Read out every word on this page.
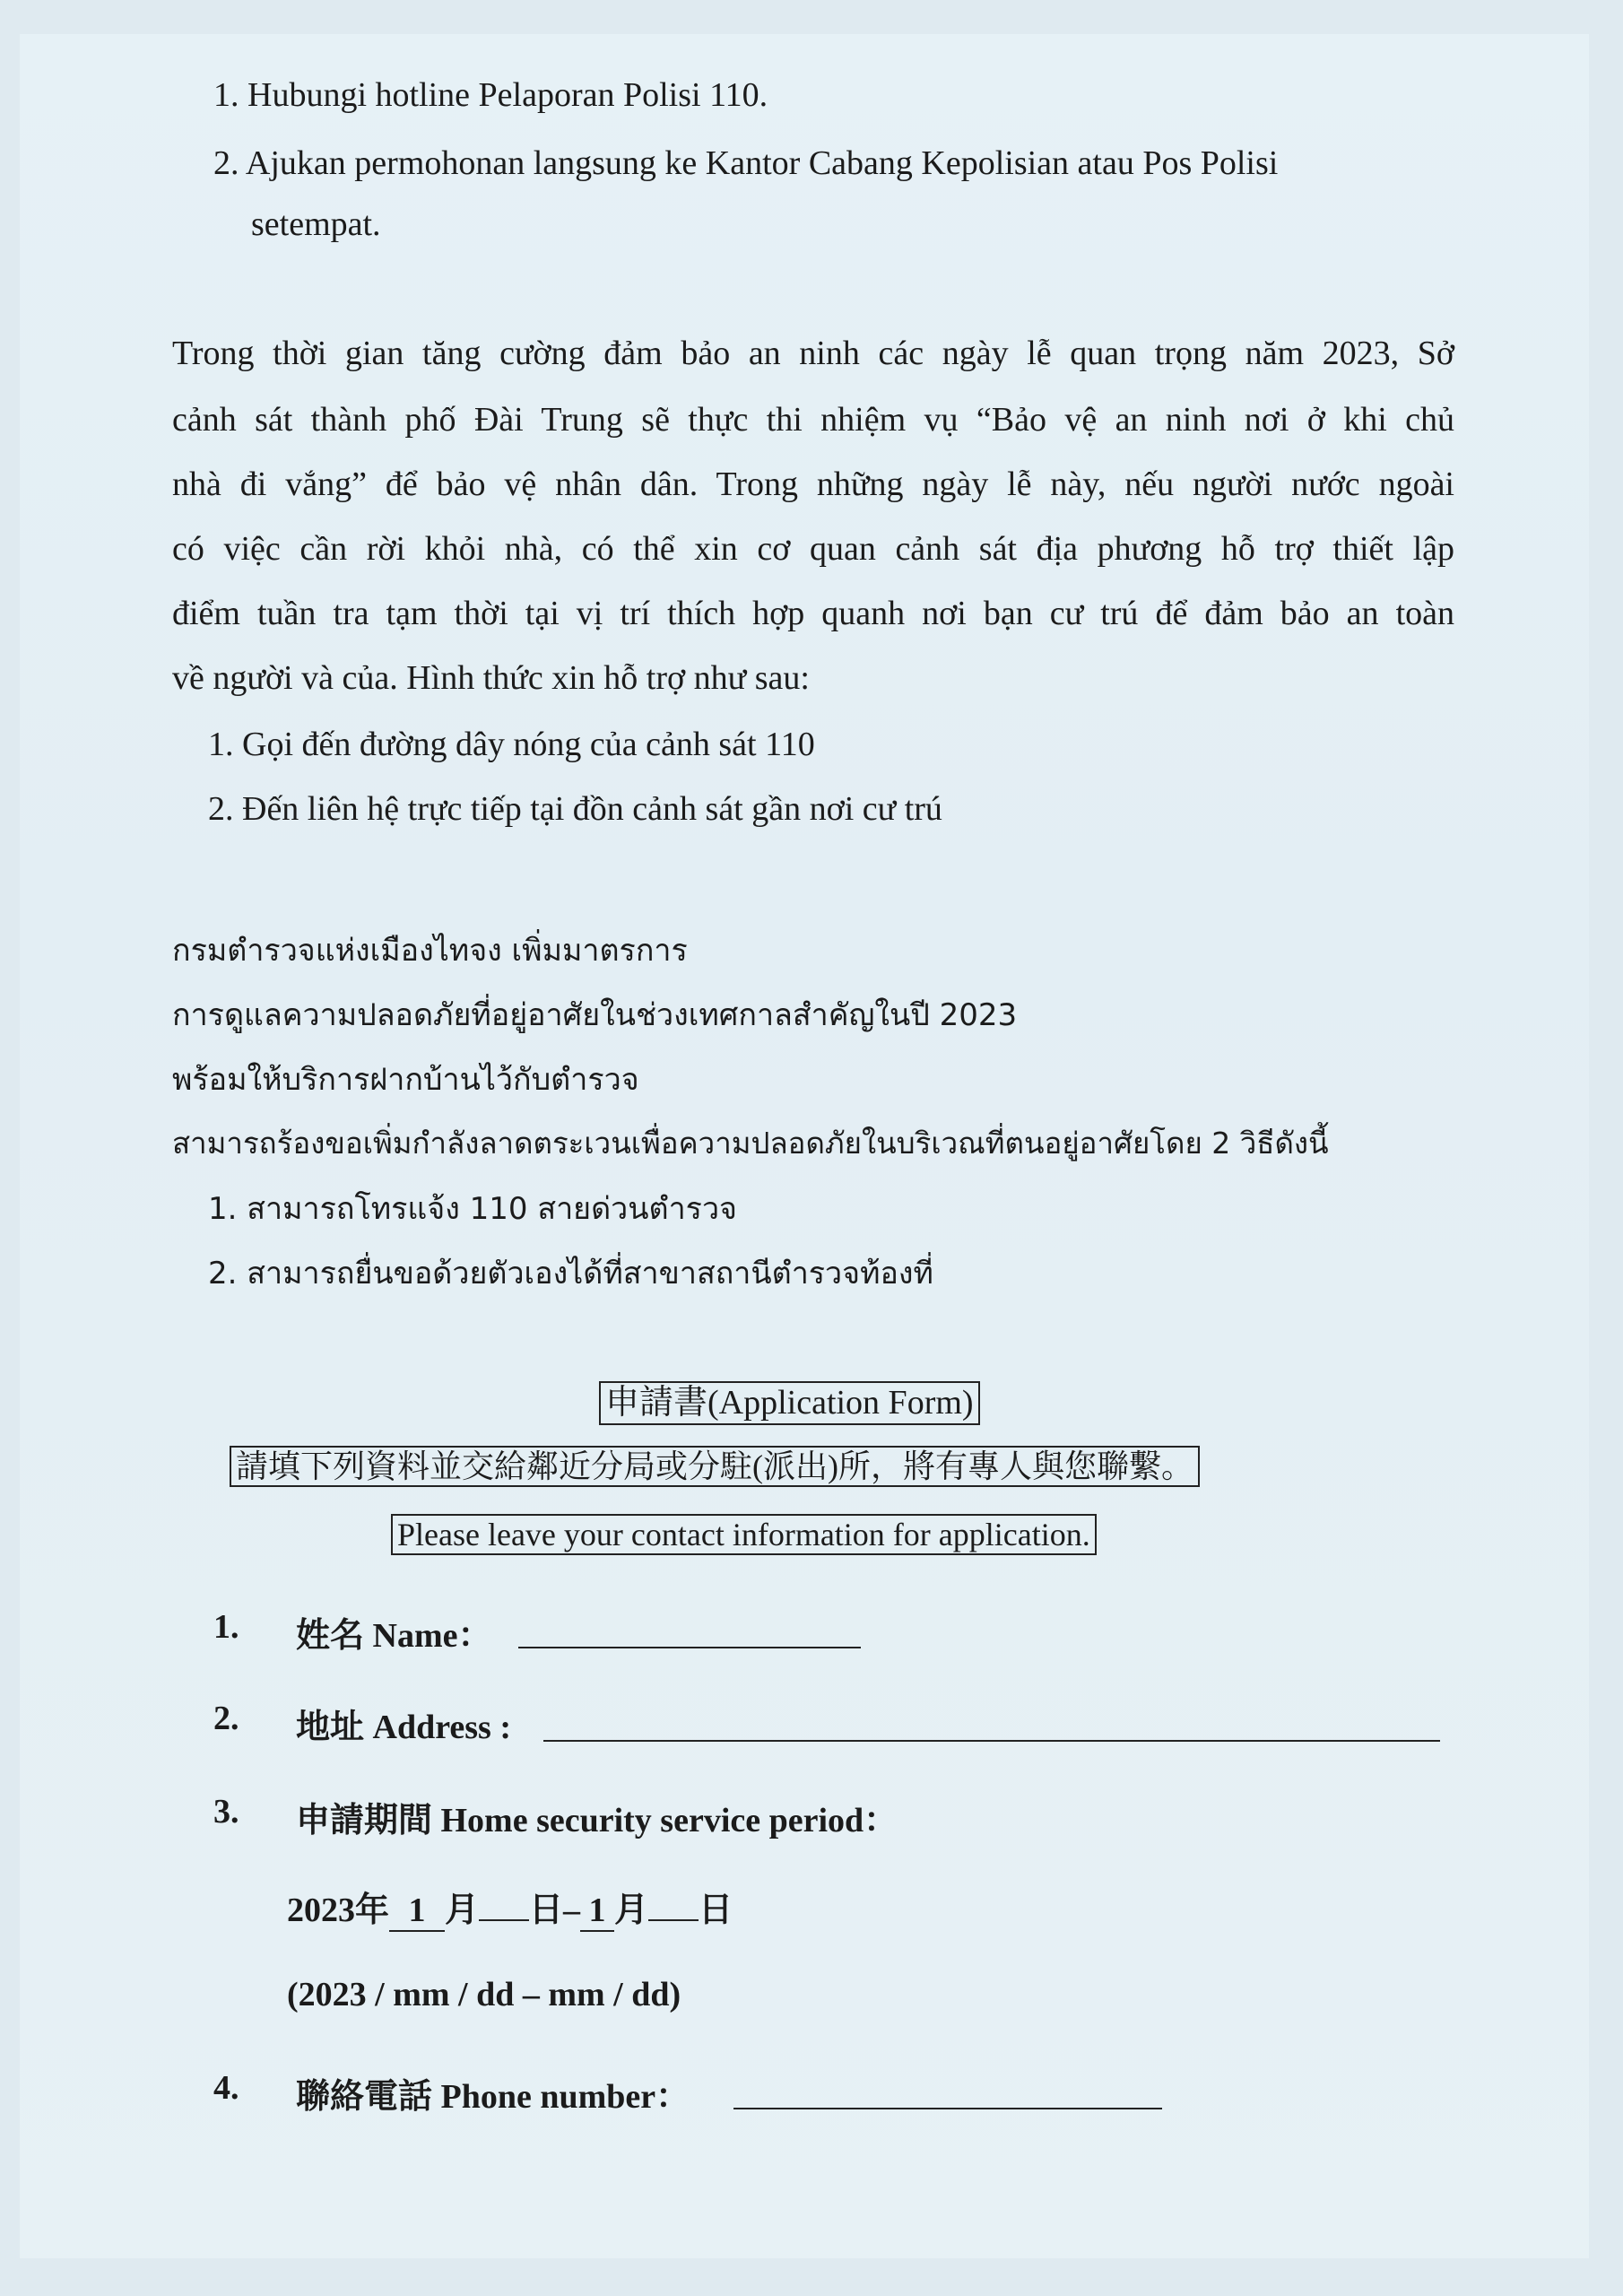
1. Hubungi hotline Pelaporan Polisi 110.
2. Ajukan permohonan langsung ke Kantor Cabang Kepolisian atau Pos Polisi
setempat.
Trong thời gian tăng cường đảm bảo an ninh các ngày lễ quan trọng năm 2023, Sở
cảnh sát thành phố Đài Trung sẽ thực thi nhiệm vụ “Bảo vệ an ninh nơi ở khi chủ
nhà đi vắng” để bảo vệ nhân dân. Trong những ngày lễ này, nếu người nước ngoài
có việc cần rời khỏi nhà, có thể xin cơ quan cảnh sát địa phương hỗ trợ thiết lập
điểm tuần tra tạm thời tại vị trí thích hợp quanh nơi bạn cư trú để đảm bảo an toàn
về người và của. Hình thức xin hỗ trợ như sau:
1. Gọi đến đường dây nóng của cảnh sát 110
2. Đến liên hệ trực tiếp tại đồn cảnh sát gần nơi cư trú
กรมตำรวจแห่งเมืองไทจง เพิ่มมาตรการ
การดูแลความปลอดภัยที่อยู่อาศัยในช่วงเทศกาลสำคัญในปี 2023
พร้อมให้บริการฝากบ้านไว้กับตำรวจ
สามารถร้องขอเพิ่มกำลังลาดตระเวนเพื่อความปลอดภัยในบริเวณที่ตนอยู่อาศัยโดย 2 วิธีดังนี้
1. สามารถโทรแจ้ง 110 สายด่วนตำรวจ
2. สามารถยื่นขอด้วยตัวเองได้ที่สาขาสถานีตำรวจท้องที่
申請書(Application Form)
請填下列資料並交給鄰近分局或分駐(派出)所，將有專人與您聯繫。
Please leave your contact information for application.
1. 姓名 Name：
2. 地址 Address :
3. 申請期間 Home security service period：
2023年 1 月 日– 1 月 日
(2023 / mm / dd – mm / dd)
4. 聯絡電話 Phone number：
